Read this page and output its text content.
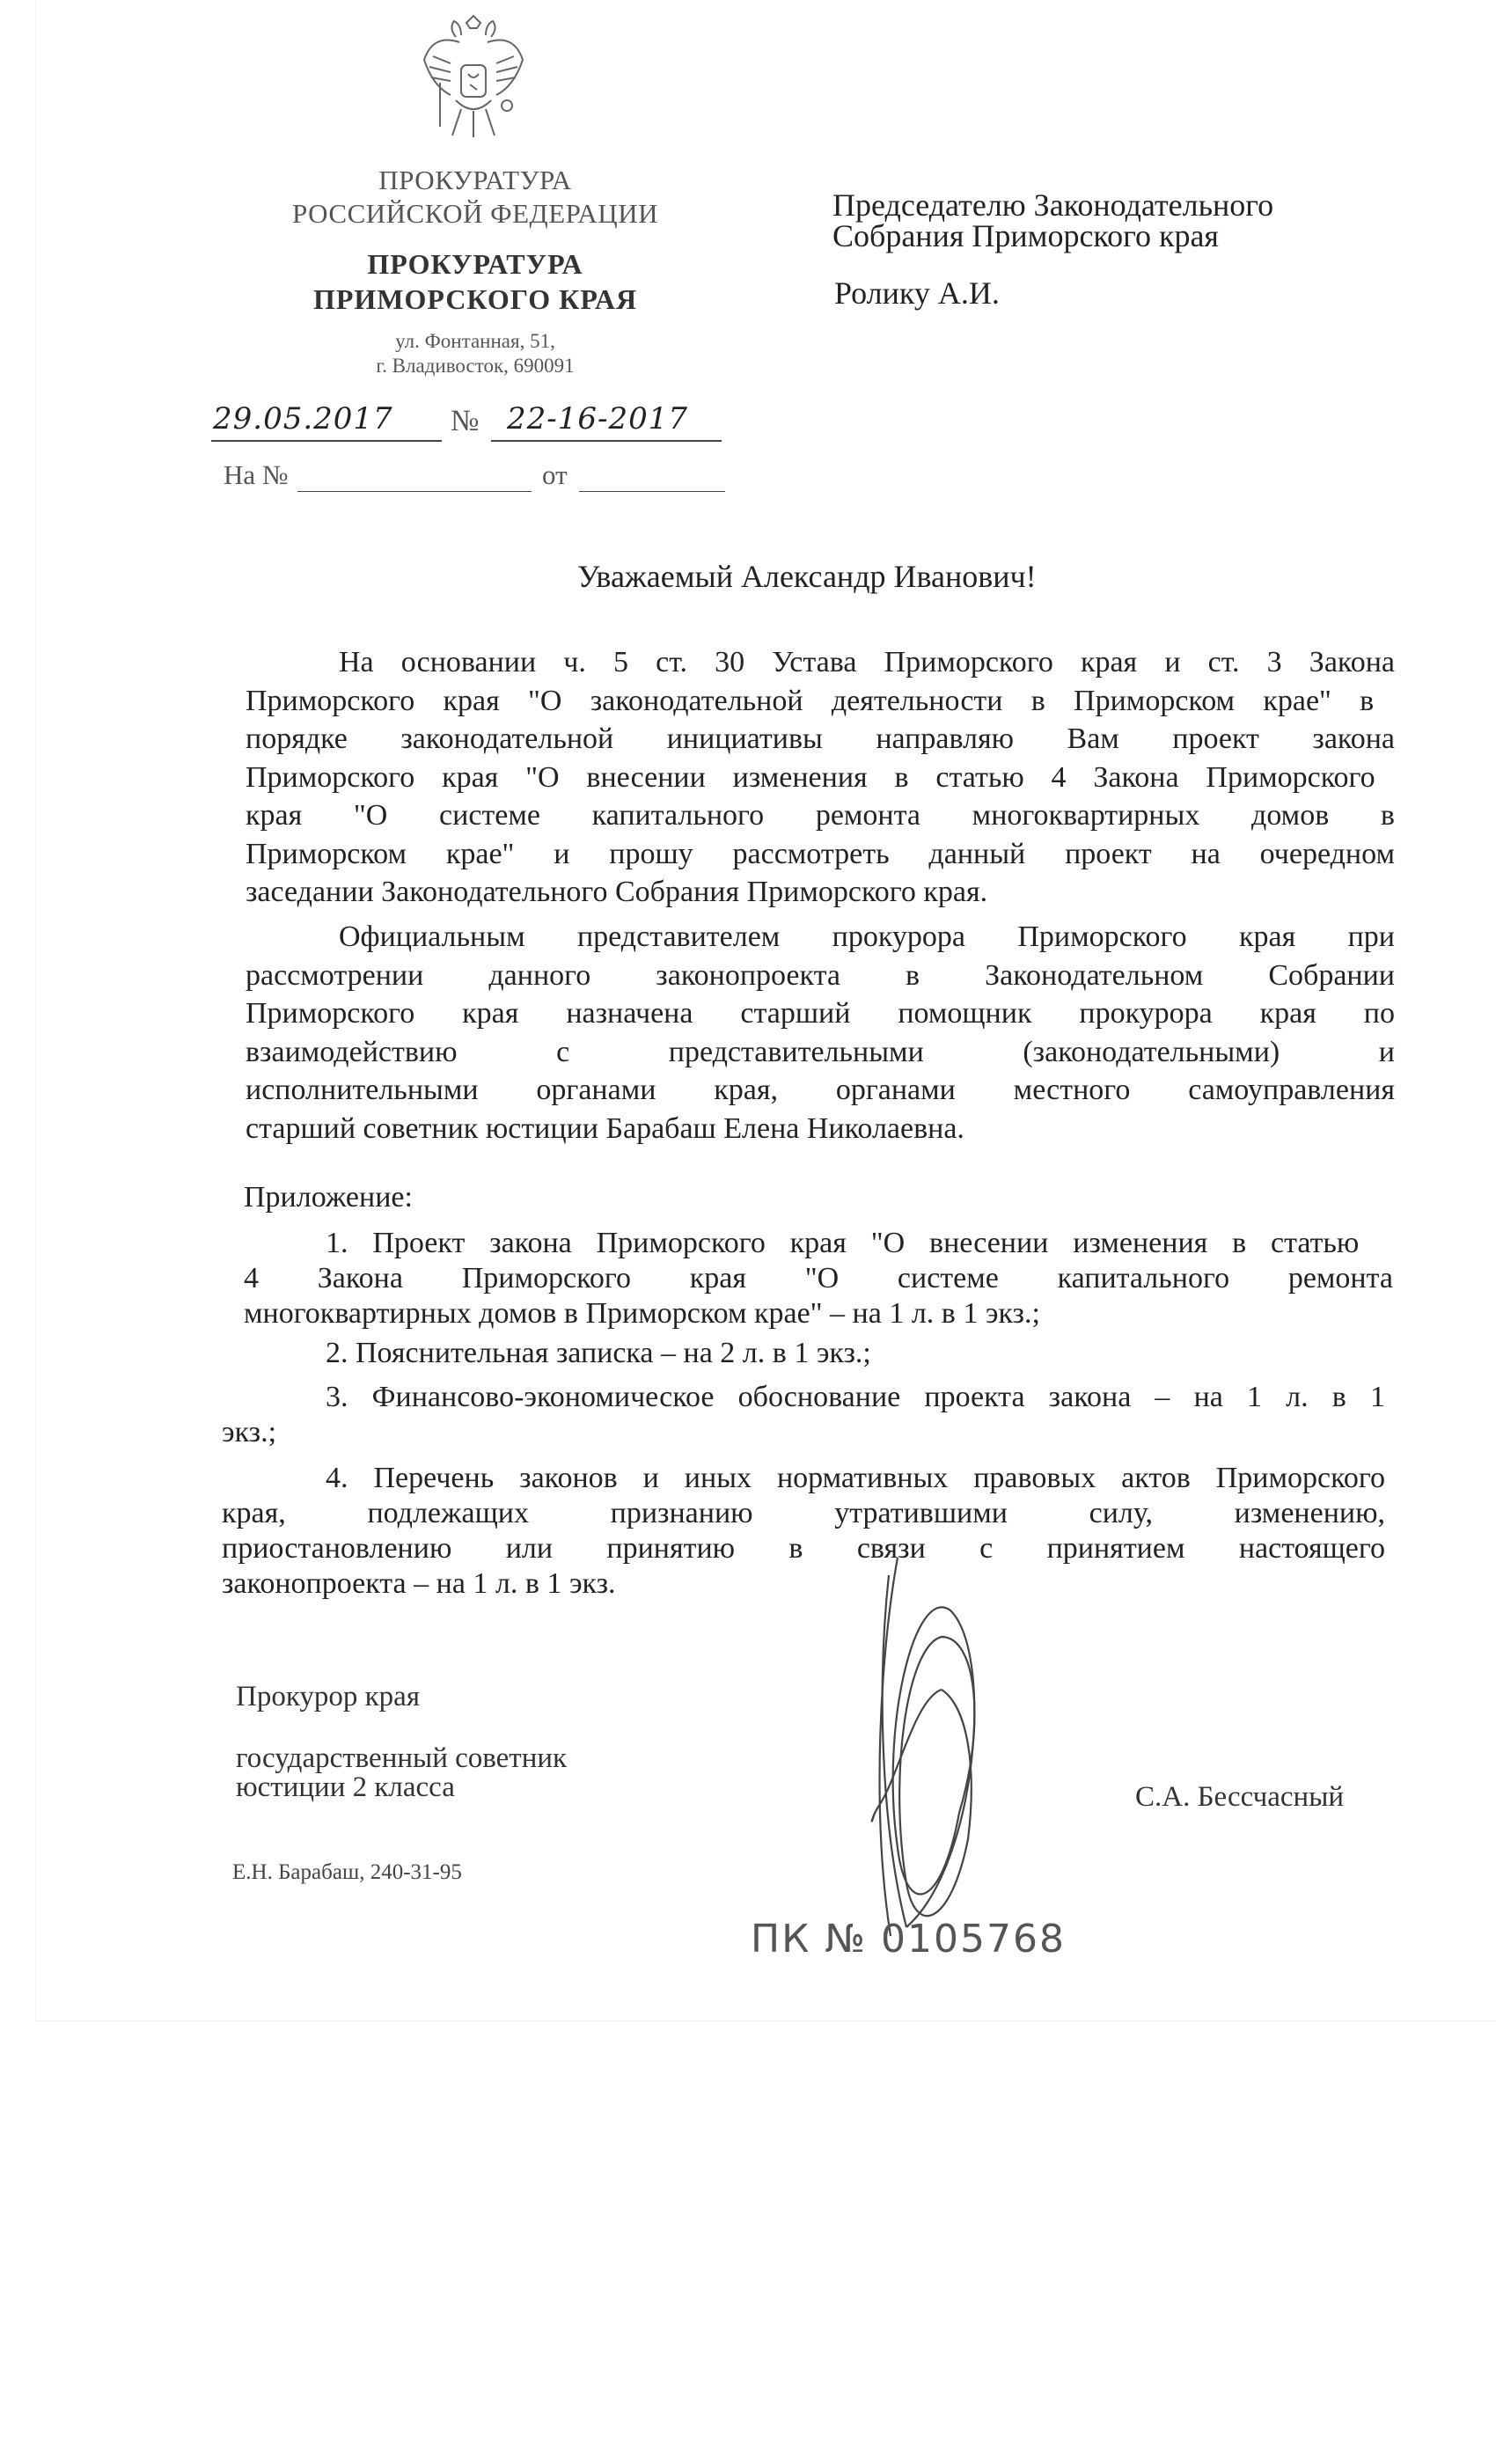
ПРОКУРАТУРА
РОССИЙСКОЙ ФЕДЕРАЦИИ
ПРОКУРАТУРА
ПРИМОРСКОГО КРАЯ
ул. Фонтанная, 51,
г. Владивосток, 690091
Председателю Законодательного
Собрания Приморского края
Ролику А.И.
29.05.2017 № 22-16-2017
На №	от
Уважаемый Александр Иванович!
На основании ч. 5 ст. 30 Устава Приморского края и ст. 3 Закона
Приморского края "О законодательной деятельности в Приморском крае" в
порядке законодательной инициативы направляю Вам проект закона
Приморского края "О внесении изменения в статью 4 Закона Приморского
края "О системе капитального ремонта многоквартирных домов в
Приморском крае" и прошу рассмотреть данный проект на очередном
заседании Законодательного Собрания Приморского края.
Официальным представителем прокурора Приморского края при
рассмотрении данного законопроекта в Законодательном Собрании
Приморского края назначена старший помощник прокурора края по
взаимодействию с представительными (законодательными) и
исполнительными органами края, органами местного самоуправления
старший советник юстиции Барабаш Елена Николаевна.
Приложение:
1. Проект закона Приморского края "О внесении изменения в статью
4 Закона Приморского края "О системе капитального ремонта
многоквартирных домов в Приморском крае" – на 1 л. в 1 экз.;
2. Пояснительная записка – на 2 л. в 1 экз.;
3. Финансово-экономическое обоснование проекта закона – на 1 л. в 1
экз.;
4. Перечень законов и иных нормативных правовых актов Приморского
края, подлежащих признанию утратившими силу, изменению,
приостановлению или принятию в связи с принятием настоящего
законопроекта – на 1 л. в 1 экз.
Прокурор края
государственный советник
юстиции 2 класса	С.А. Бессчасный
Е.Н. Барабаш, 240-31-95
ПК № 0105768
